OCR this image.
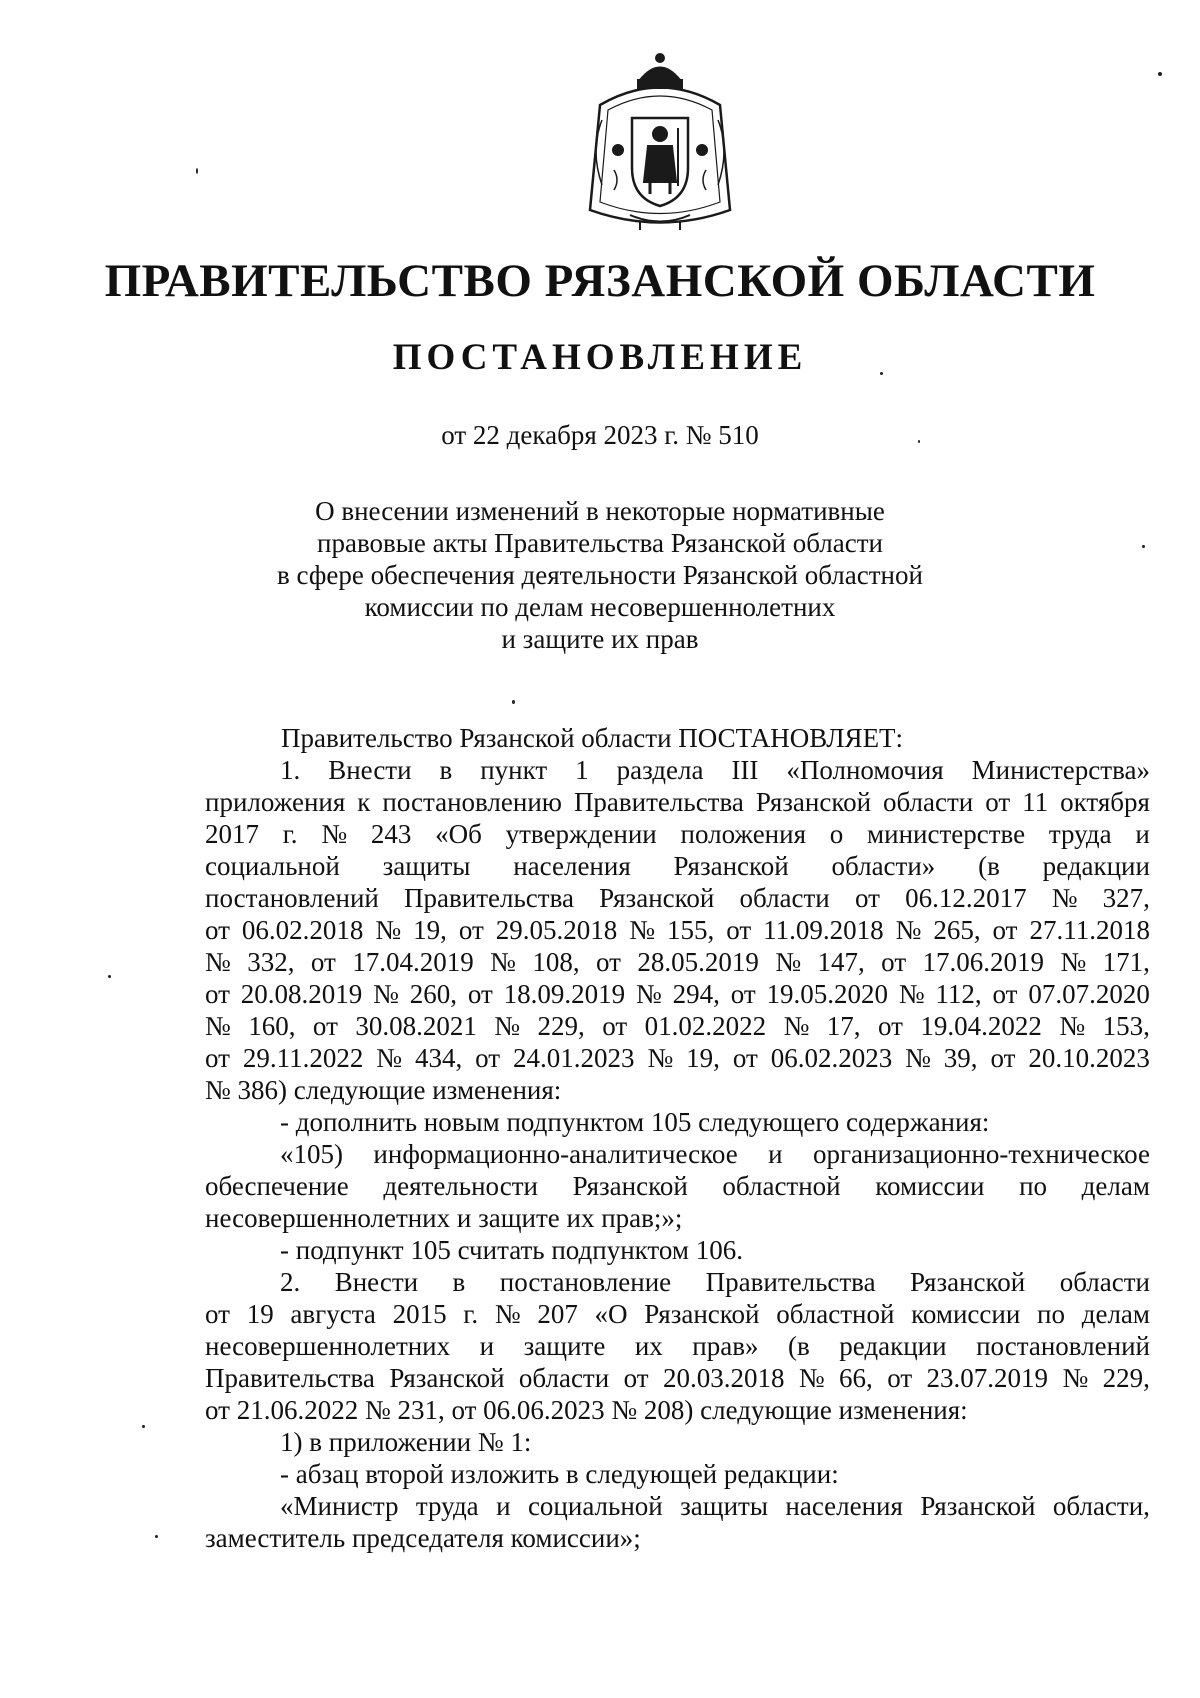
ПРАВИТЕЛЬСТВО РЯЗАНСКОЙ ОБЛАСТИ
ПОСТАНОВЛЕНИЕ
от 22 декабря 2023 г. № 510
О внесении изменений в некоторые нормативные
правовые акты Правительства Рязанской области
в сфере обеспечения деятельности Рязанской областной
комиссии по делам несовершеннолетних
и защите их прав
Правительство Рязанской области ПОСТАНОВЛЯЕТ:
1. Внести в пункт 1 раздела III «Полномочия Министерства»
приложения к постановлению Правительства Рязанской области от 11 октября
2017 г. № 243 «Об утверждении положения о министерстве труда и
социальной защиты населения Рязанской области» (в редакции
постановлений Правительства Рязанской области от 06.12.2017 № 327,
от 06.02.2018 № 19, от 29.05.2018 № 155, от 11.09.2018 № 265, от 27.11.2018
№ 332, от 17.04.2019 № 108, от 28.05.2019 № 147, от 17.06.2019 № 171,
от 20.08.2019 № 260, от 18.09.2019 № 294, от 19.05.2020 № 112, от 07.07.2020
№ 160, от 30.08.2021 № 229, от 01.02.2022 № 17, от 19.04.2022 № 153,
от 29.11.2022 № 434, от 24.01.2023 № 19, от 06.02.2023 № 39, от 20.10.2023
№ 386) следующие изменения:
- дополнить новым подпунктом 105 следующего содержания:
«105) информационно-аналитическое и организационно-техническое
обеспечение деятельности Рязанской областной комиссии по делам
несовершеннолетних и защите их прав;»;
- подпункт 105 считать подпунктом 106.
2. Внести в постановление Правительства Рязанской области
от 19 августа 2015 г. № 207 «О Рязанской областной комиссии по делам
несовершеннолетних и защите их прав» (в редакции постановлений
Правительства Рязанской области от 20.03.2018 № 66, от 23.07.2019 № 229,
от 21.06.2022 № 231, от 06.06.2023 № 208) следующие изменения:
1) в приложении № 1:
- абзац второй изложить в следующей редакции:
«Министр труда и социальной защиты населения Рязанской области,
заместитель председателя комиссии»;
